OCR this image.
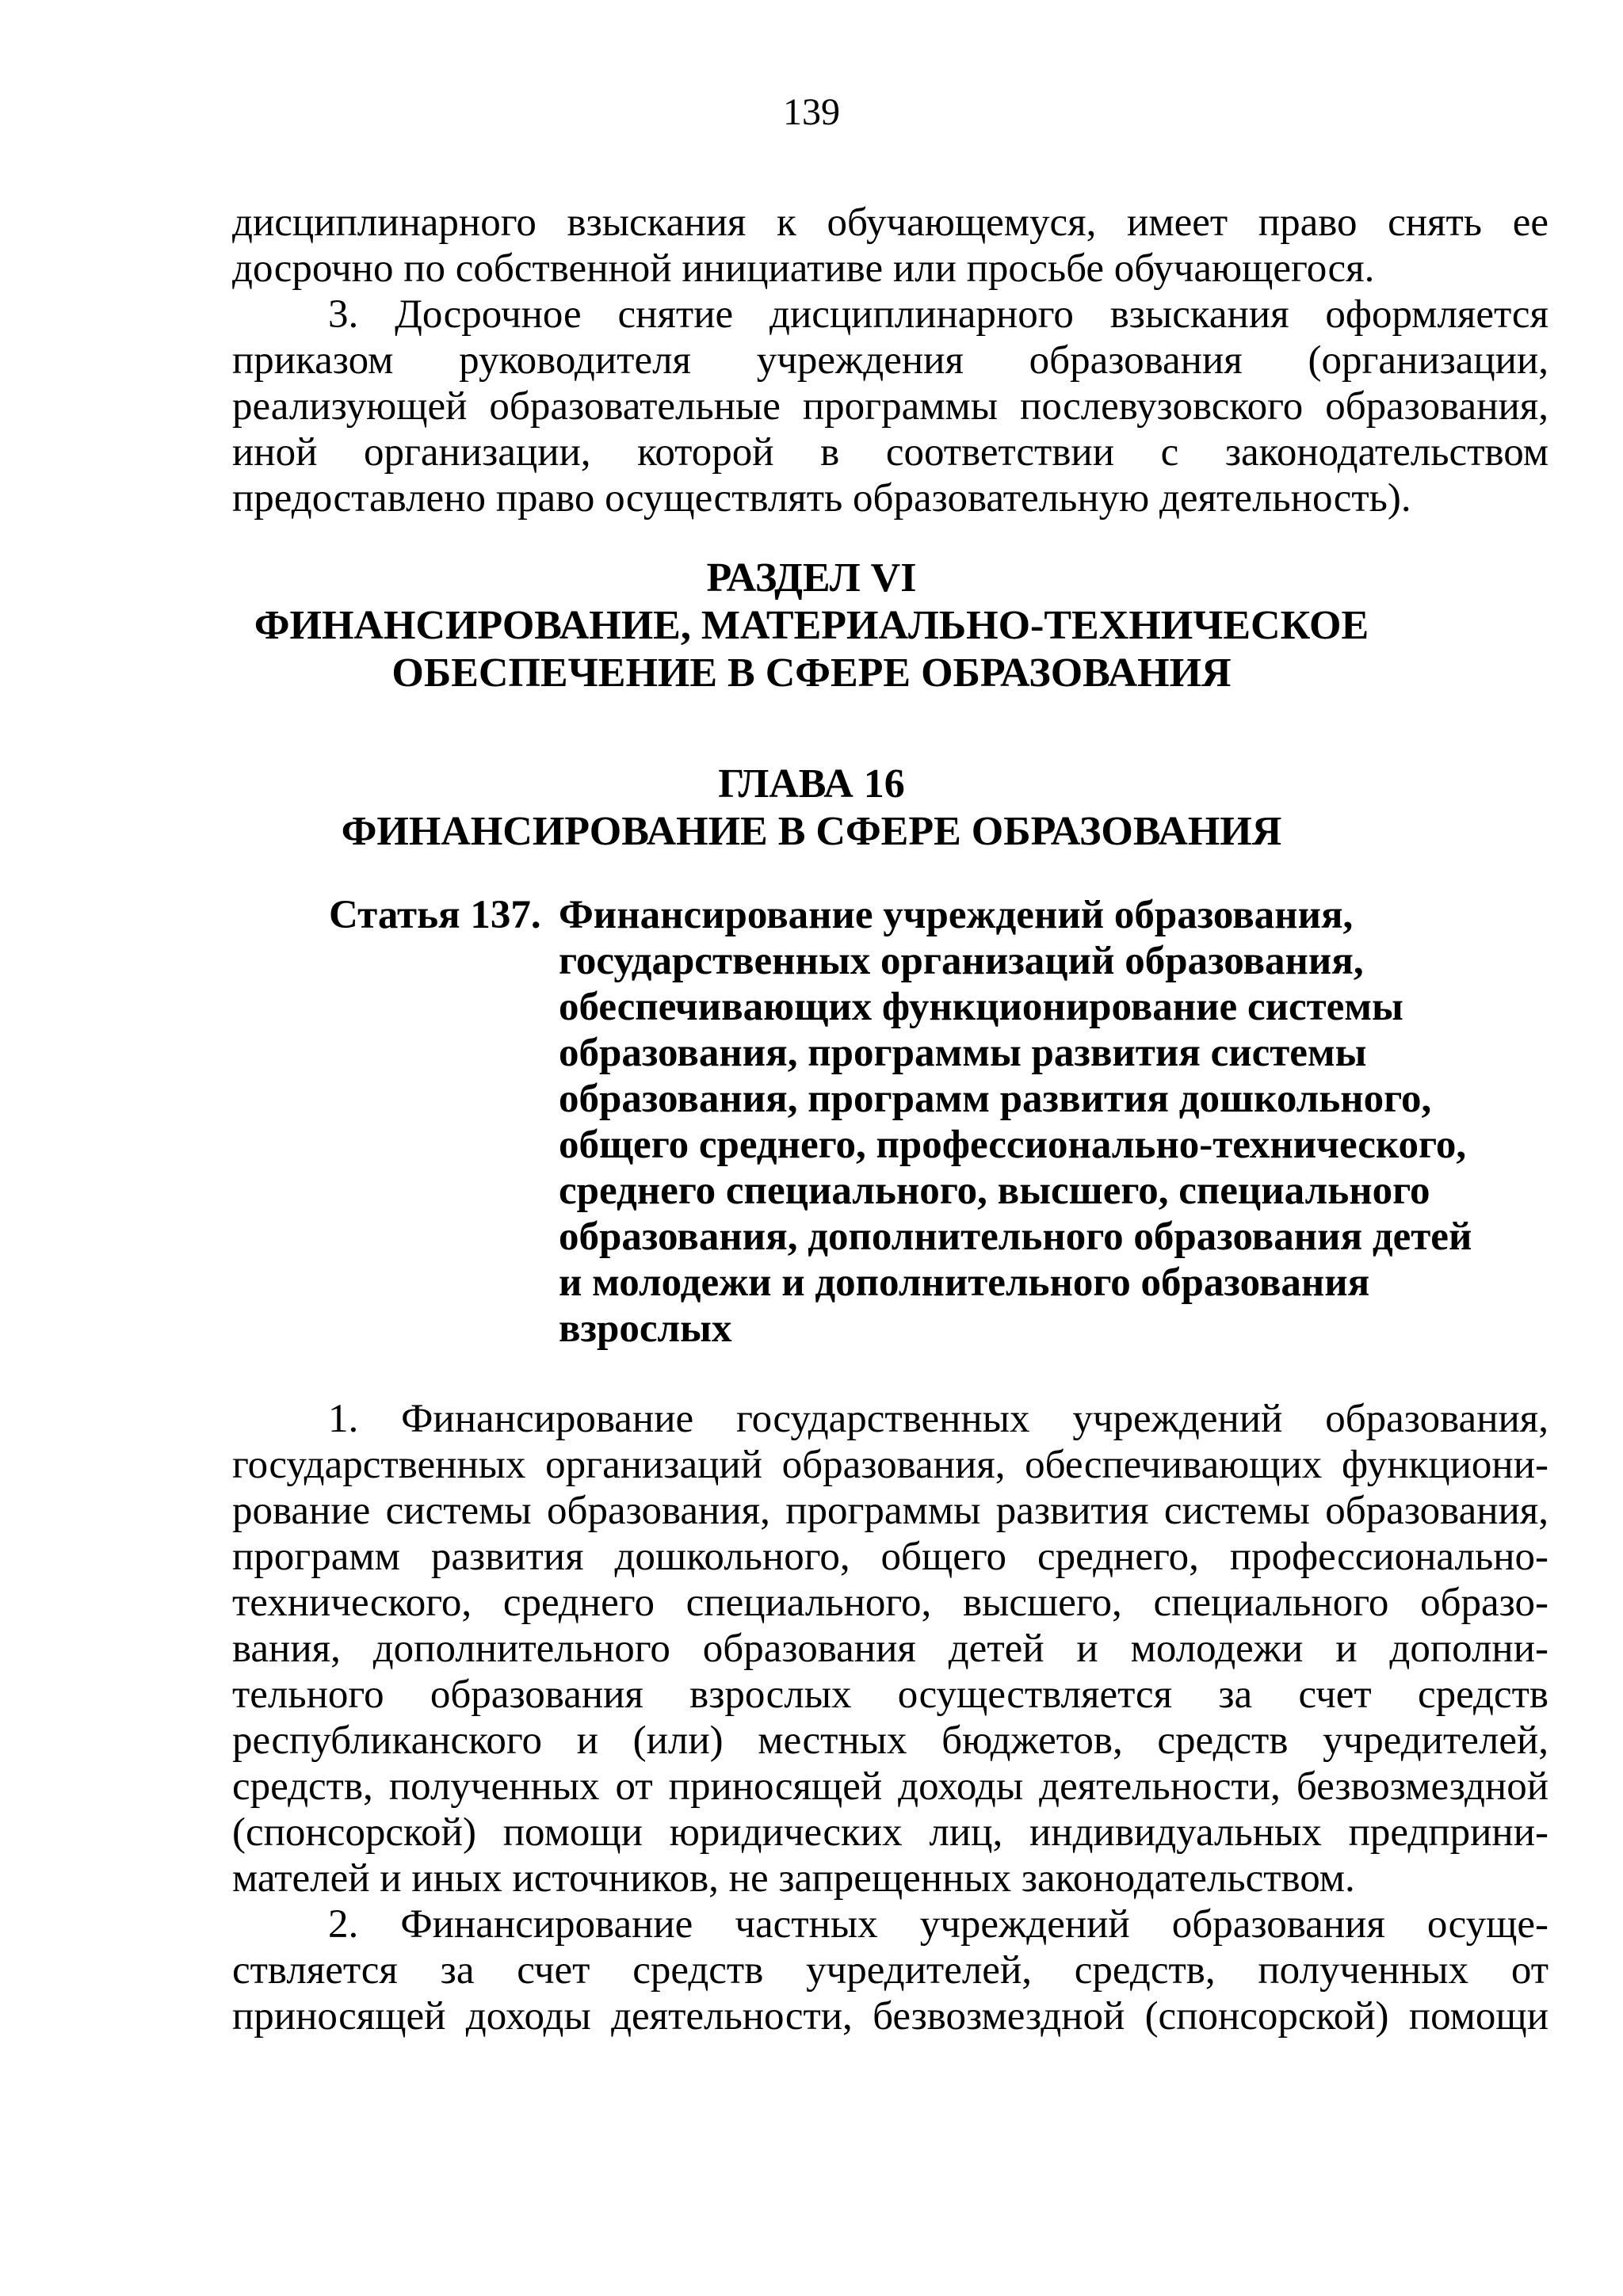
139
дисциплинарного взыскания к обучающемуся, имеет право снять ее
досрочно по собственной инициативе или просьбе обучающегося.
3. Досрочное снятие дисциплинарного взыскания оформляется
приказом руководителя учреждения образования (организации,
реализующей образовательные программы послевузовского образования,
иной организации, которой в соответствии с законодательством
предоставлено право осуществлять образовательную деятельность).
РАЗДЕЛ VI
ФИНАНСИРОВАНИЕ, МАТЕРИАЛЬНО-ТЕХНИЧЕСКОЕ
ОБЕСПЕЧЕНИЕ В СФЕРЕ ОБРАЗОВАНИЯ
ГЛАВА 16
ФИНАНСИРОВАНИЕ В СФЕРЕ ОБРАЗОВАНИЯ
Статья 137. Финансирование учреждений образования,
государственных организаций образования,
обеспечивающих функционирование системы
образования, программы развития системы
образования, программ развития дошкольного,
общего среднего, профессионально-технического,
среднего специального, высшего, специального
образования, дополнительного образования детей
и молодежи и дополнительного образования
взрослых
1. Финансирование государственных учреждений образования,
государственных организаций образования, обеспечивающих функциони-
рование системы образования, программы развития системы образования,
программ развития дошкольного, общего среднего, профессионально-
технического, среднего специального, высшего, специального образо-
вания, дополнительного образования детей и молодежи и дополни-
тельного образования взрослых осуществляется за счет средств
республиканского и (или) местных бюджетов, средств учредителей,
средств, полученных от приносящей доходы деятельности, безвозмездной
(спонсорской) помощи юридических лиц, индивидуальных предприни-
мателей и иных источников, не запрещенных законодательством.
2. Финансирование частных учреждений образования осуще-
ствляется за счет средств учредителей, средств, полученных от
приносящей доходы деятельности, безвозмездной (спонсорской) помощи
